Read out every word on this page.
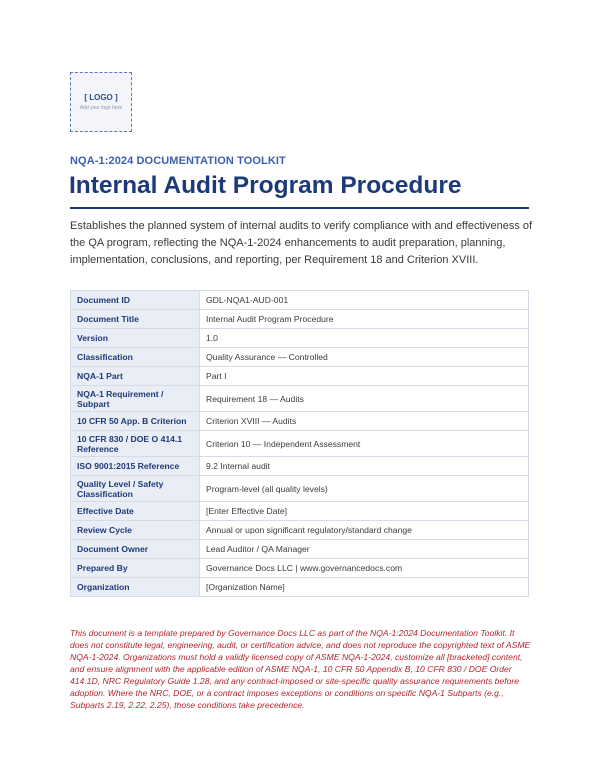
[ LOGO ]
Add your logo here
NQA-1:2024 DOCUMENTATION TOOLKIT
Internal Audit Program Procedure
Establishes the planned system of internal audits to verify compliance with and effectiveness of the QA program, reflecting the NQA-1-2024 enhancements to audit preparation, planning, implementation, conclusions, and reporting, per Requirement 18 and Criterion XVIII.
Document ID	GDL-NQA1-AUD-001
Document Title	Internal Audit Program Procedure
Version	1.0
Classification	Quality Assurance — Controlled
NQA-1 Part	Part I
NQA-1 Requirement / Subpart	Requirement 18 — Audits
10 CFR 50 App. B Criterion	Criterion XVIII — Audits
10 CFR 830 / DOE O 414.1 Reference	Criterion 10 — Independent Assessment
ISO 9001:2015 Reference	9.2 Internal audit
Quality Level / Safety Classification	Program-level (all quality levels)
Effective Date	[Enter Effective Date]
Review Cycle	Annual or upon significant regulatory/standard change
Document Owner	Lead Auditor / QA Manager
Prepared By	Governance Docs LLC | www.governancedocs.com
Organization	[Organization Name]
This document is a template prepared by Governance Docs LLC as part of the NQA-1:2024 Documentation Toolkit. It does not constitute legal, engineering, audit, or certification advice, and does not reproduce the copyrighted text of ASME NQA-1-2024. Organizations must hold a validly licensed copy of ASME NQA-1-2024, customize all [bracketed] content, and ensure alignment with the applicable edition of ASME NQA-1, 10 CFR 50 Appendix B, 10 CFR 830 / DOE Order 414.1D, NRC Regulatory Guide 1.28, and any contract-imposed or site-specific quality assurance requirements before adoption. Where the NRC, DOE, or a contract imposes exceptions or conditions on specific NQA-1 Subparts (e.g., Subparts 2.19, 2.22, 2.25), those conditions take precedence.
